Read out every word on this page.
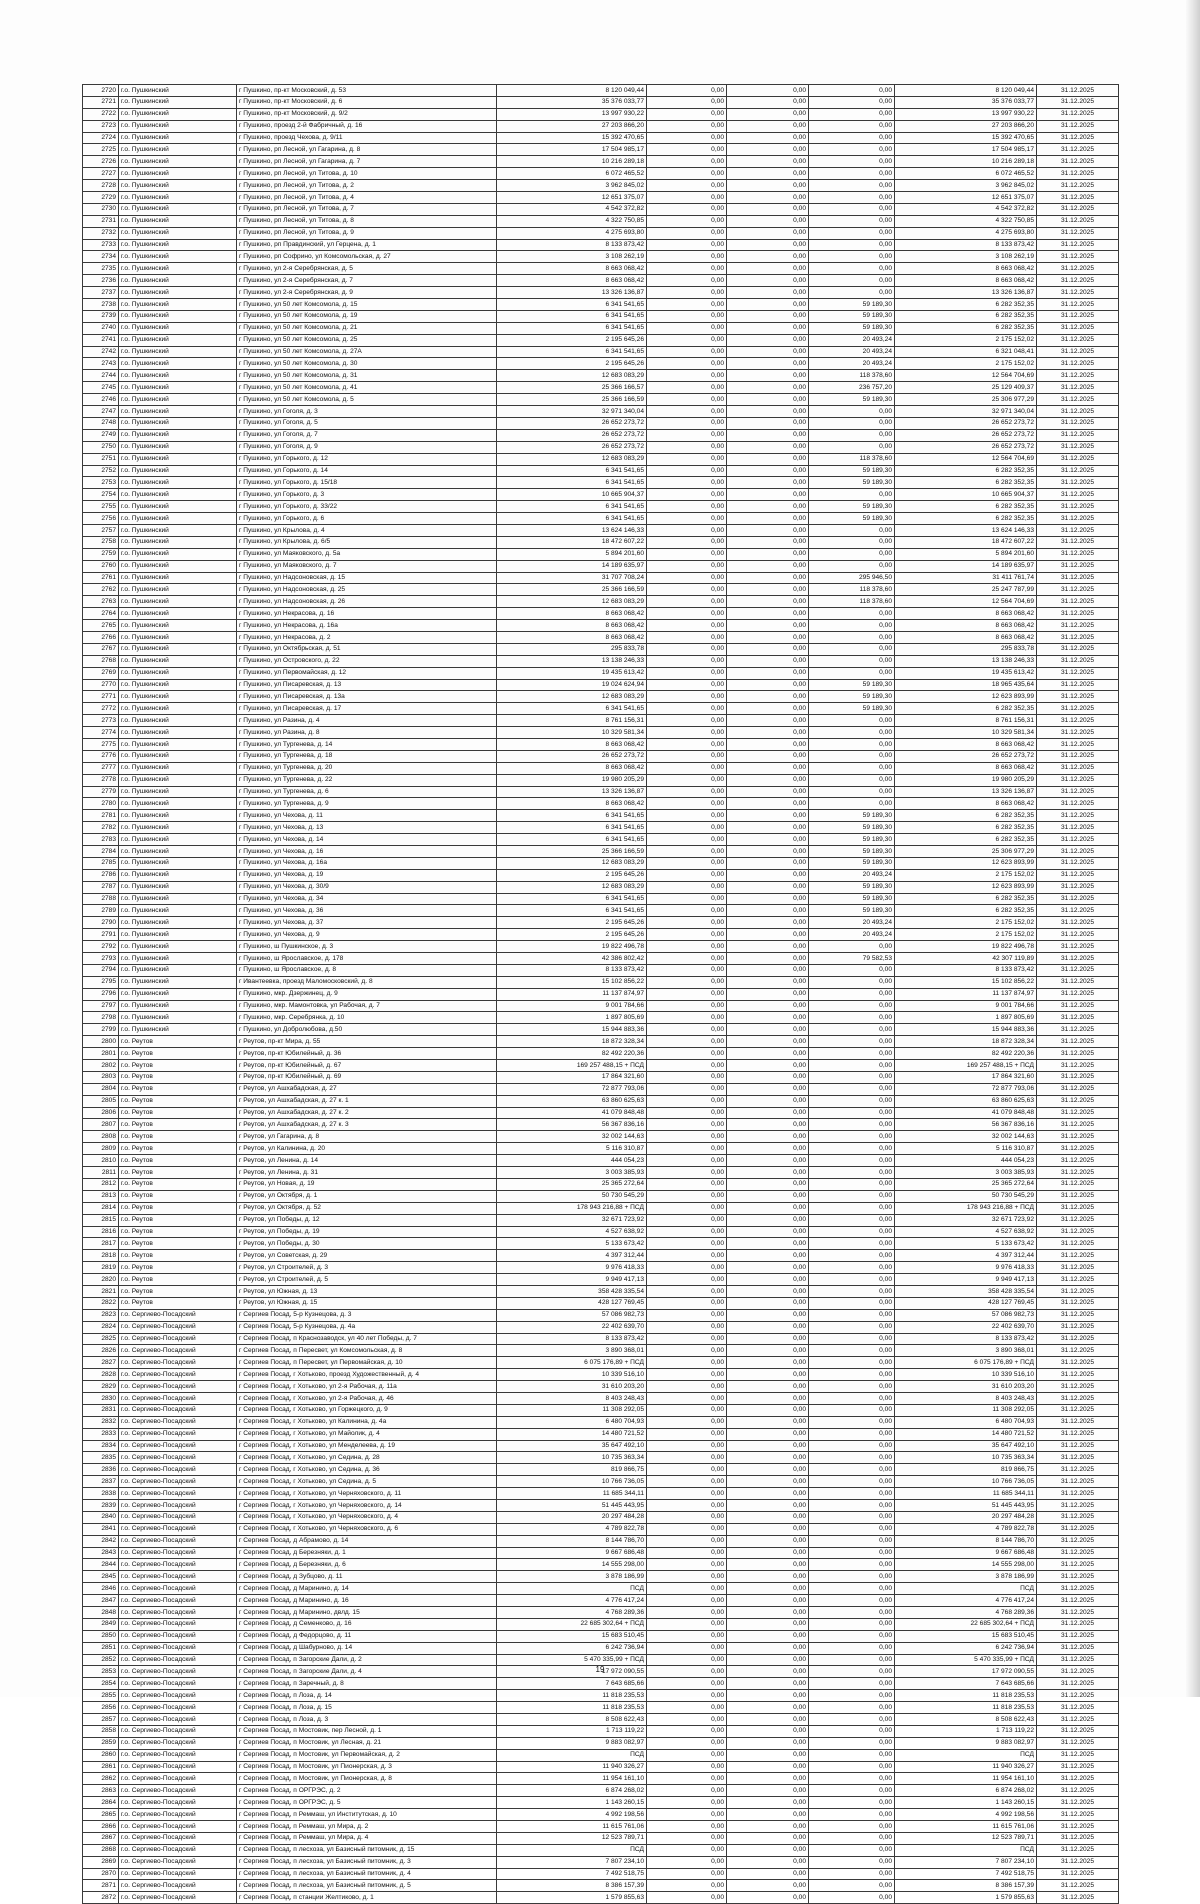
2720	г.о. Пушкинский	г Пушкино, пр-кт Московский, д. 53	8 120 049,44	0,00	0,00	0,00	8 120 049,44	31.12.2025
2721	г.о. Пушкинский	г Пушкино, пр-кт Московский, д. 6	35 376 033,77	0,00	0,00	0,00	35 376 033,77	31.12.2025
2722	г.о. Пушкинский	г Пушкино, пр-кт Московский, д. 9/2	13 997 930,22	0,00	0,00	0,00	13 997 930,22	31.12.2025
2723	г.о. Пушкинский	г Пушкино, проезд 2-й Фабричный, д. 16	27 203 866,20	0,00	0,00	0,00	27 203 866,20	31.12.2025
2724	г.о. Пушкинский	г Пушкино, проезд Чехова, д. 9/11	15 392 470,65	0,00	0,00	0,00	15 392 470,65	31.12.2025
2725	г.о. Пушкинский	г Пушкино, рп Лесной, ул Гагарина, д. 8	17 504 985,17	0,00	0,00	0,00	17 504 985,17	31.12.2025
2726	г.о. Пушкинский	г Пушкино, рп Лесной, ул Гагарина, д. 7	10 216 289,18	0,00	0,00	0,00	10 216 289,18	31.12.2025
2727	г.о. Пушкинский	г Пушкино, рп Лесной, ул Титова, д. 10	6 072 465,52	0,00	0,00	0,00	6 072 465,52	31.12.2025
2728	г.о. Пушкинский	г Пушкино, рп Лесной, ул Титова, д. 2	3 962 845,02	0,00	0,00	0,00	3 962 845,02	31.12.2025
2729	г.о. Пушкинский	г Пушкино, рп Лесной, ул Титова, д. 4	12 651 375,07	0,00	0,00	0,00	12 651 375,07	31.12.2025
2730	г.о. Пушкинский	г Пушкино, рп Лесной, ул Титова, д. 7	4 542 372,82	0,00	0,00	0,00	4 542 372,82	31.12.2025
2731	г.о. Пушкинский	г Пушкино, рп Лесной, ул Титова, д. 8	4 322 750,85	0,00	0,00	0,00	4 322 750,85	31.12.2025
2732	г.о. Пушкинский	г Пушкино, рп Лесной, ул Титова, д. 9	4 275 693,80	0,00	0,00	0,00	4 275 693,80	31.12.2025
2733	г.о. Пушкинский	г Пушкино, рп Правдинский, ул Герцена, д. 1	8 133 873,42	0,00	0,00	0,00	8 133 873,42	31.12.2025
2734	г.о. Пушкинский	г Пушкино, рп Софрино, ул Комсомольская, д. 27	3 108 262,19	0,00	0,00	0,00	3 108 262,19	31.12.2025
2735	г.о. Пушкинский	г Пушкино, ул 2-я Серебрянская, д. 5	8 663 068,42	0,00	0,00	0,00	8 663 068,42	31.12.2025
2736	г.о. Пушкинский	г Пушкино, ул 2-я Серебрянская, д. 7	8 663 068,42	0,00	0,00	0,00	8 663 068,42	31.12.2025
2737	г.о. Пушкинский	г Пушкино, ул 2-я Серебрянская, д. 9	13 326 136,87	0,00	0,00	0,00	13 326 136,87	31.12.2025
2738	г.о. Пушкинский	г Пушкино, ул 50 лет Комсомола, д. 15	6 341 541,65	0,00	0,00	59 189,30	6 282 352,35	31.12.2025
2739	г.о. Пушкинский	г Пушкино, ул 50 лет Комсомола, д. 19	6 341 541,65	0,00	0,00	59 189,30	6 282 352,35	31.12.2025
2740	г.о. Пушкинский	г Пушкино, ул 50 лет Комсомола, д. 21	6 341 541,65	0,00	0,00	59 189,30	6 282 352,35	31.12.2025
2741	г.о. Пушкинский	г Пушкино, ул 50 лет Комсомола, д. 25	2 195 645,26	0,00	0,00	20 493,24	2 175 152,02	31.12.2025
2742	г.о. Пушкинский	г Пушкино, ул 50 лет Комсомола, д. 27А	6 341 541,65	0,00	0,00	20 493,24	6 321 048,41	31.12.2025
2743	г.о. Пушкинский	г Пушкино, ул 50 лет Комсомола, д. 30	2 195 645,26	0,00	0,00	20 493,24	2 175 152,02	31.12.2025
2744	г.о. Пушкинский	г Пушкино, ул 50 лет Комсомола, д. 31	12 683 083,29	0,00	0,00	118 378,60	12 564 704,69	31.12.2025
2745	г.о. Пушкинский	г Пушкино, ул 50 лет Комсомола, д. 41	25 366 166,57	0,00	0,00	236 757,20	25 129 409,37	31.12.2025
2746	г.о. Пушкинский	г Пушкино, ул 50 лет Комсомола, д. 5	25 366 166,59	0,00	0,00	59 189,30	25 306 977,29	31.12.2025
2747	г.о. Пушкинский	г Пушкино, ул Гоголя, д. 3	32 971 340,04	0,00	0,00	0,00	32 971 340,04	31.12.2025
2748	г.о. Пушкинский	г Пушкино, ул Гоголя, д. 5	26 652 273,72	0,00	0,00	0,00	26 652 273,72	31.12.2025
2749	г.о. Пушкинский	г Пушкино, ул Гоголя, д. 7	26 652 273,72	0,00	0,00	0,00	26 652 273,72	31.12.2025
2750	г.о. Пушкинский	г Пушкино, ул Гоголя, д. 9	26 652 273,72	0,00	0,00	0,00	26 652 273,72	31.12.2025
2751	г.о. Пушкинский	г Пушкино, ул Горького, д. 12	12 683 083,29	0,00	0,00	118 378,60	12 564 704,69	31.12.2025
2752	г.о. Пушкинский	г Пушкино, ул Горького, д. 14	6 341 541,65	0,00	0,00	59 189,30	6 282 352,35	31.12.2025
2753	г.о. Пушкинский	г Пушкино, ул Горького, д. 15/18	6 341 541,65	0,00	0,00	59 189,30	6 282 352,35	31.12.2025
2754	г.о. Пушкинский	г Пушкино, ул Горького, д. 3	10 665 904,37	0,00	0,00	0,00	10 665 904,37	31.12.2025
2755	г.о. Пушкинский	г Пушкино, ул Горького, д. 33/22	6 341 541,65	0,00	0,00	59 189,30	6 282 352,35	31.12.2025
2756	г.о. Пушкинский	г Пушкино, ул Горького, д. 6	6 341 541,65	0,00	0,00	59 189,30	6 282 352,35	31.12.2025
2757	г.о. Пушкинский	г Пушкино, ул Крылова, д. 4	13 624 146,33	0,00	0,00	0,00	13 624 146,33	31.12.2025
2758	г.о. Пушкинский	г Пушкино, ул Крылова, д. 6/5	18 472 607,22	0,00	0,00	0,00	18 472 607,22	31.12.2025
2759	г.о. Пушкинский	г Пушкино, ул Маяковского, д. 5а	5 894 201,60	0,00	0,00	0,00	5 894 201,60	31.12.2025
2760	г.о. Пушкинский	г Пушкино, ул Маяковского, д. 7	14 189 635,97	0,00	0,00	0,00	14 189 635,97	31.12.2025
2761	г.о. Пушкинский	г Пушкино, ул Надсоновская, д. 15	31 707 708,24	0,00	0,00	295 946,50	31 411 761,74	31.12.2025
2762	г.о. Пушкинский	г Пушкино, ул Надсоновская, д. 25	25 366 166,59	0,00	0,00	118 378,60	25 247 787,99	31.12.2025
2763	г.о. Пушкинский	г Пушкино, ул Надсоновская, д. 26	12 683 083,29	0,00	0,00	118 378,60	12 564 704,69	31.12.2025
2764	г.о. Пушкинский	г Пушкино, ул Некрасова, д. 16	8 663 068,42	0,00	0,00	0,00	8 663 068,42	31.12.2025
2765	г.о. Пушкинский	г Пушкино, ул Некрасова, д. 16а	8 663 068,42	0,00	0,00	0,00	8 663 068,42	31.12.2025
2766	г.о. Пушкинский	г Пушкино, ул Некрасова, д. 2	8 663 068,42	0,00	0,00	0,00	8 663 068,42	31.12.2025
2767	г.о. Пушкинский	г Пушкино, ул Октябрьская, д. 51	295 833,78	0,00	0,00	0,00	295 833,78	31.12.2025
2768	г.о. Пушкинский	г Пушкино, ул Островского, д. 22	13 138 246,33	0,00	0,00	0,00	13 138 246,33	31.12.2025
2769	г.о. Пушкинский	г Пушкино, ул Первомайская, д. 12	19 435 613,42	0,00	0,00	0,00	19 435 613,42	31.12.2025
2770	г.о. Пушкинский	г Пушкино, ул Писаревская, д. 13	19 024 624,94	0,00	0,00	59 189,30	18 965 435,64	31.12.2025
2771	г.о. Пушкинский	г Пушкино, ул Писаревская, д. 13а	12 683 083,29	0,00	0,00	59 189,30	12 623 893,99	31.12.2025
2772	г.о. Пушкинский	г Пушкино, ул Писаревская, д. 17	6 341 541,65	0,00	0,00	59 189,30	6 282 352,35	31.12.2025
2773	г.о. Пушкинский	г Пушкино, ул Разина, д. 4	8 761 156,31	0,00	0,00	0,00	8 761 156,31	31.12.2025
2774	г.о. Пушкинский	г Пушкино, ул Разина, д. 8	10 329 581,34	0,00	0,00	0,00	10 329 581,34	31.12.2025
2775	г.о. Пушкинский	г Пушкино, ул Тургенева, д. 14	8 663 068,42	0,00	0,00	0,00	8 663 068,42	31.12.2025
2776	г.о. Пушкинский	г Пушкино, ул Тургенева, д. 18	26 652 273,72	0,00	0,00	0,00	26 652 273,72	31.12.2025
2777	г.о. Пушкинский	г Пушкино, ул Тургенева, д. 20	8 663 068,42	0,00	0,00	0,00	8 663 068,42	31.12.2025
2778	г.о. Пушкинский	г Пушкино, ул Тургенева, д. 22	19 980 205,29	0,00	0,00	0,00	19 980 205,29	31.12.2025
2779	г.о. Пушкинский	г Пушкино, ул Тургенева, д. 6	13 326 136,87	0,00	0,00	0,00	13 326 136,87	31.12.2025
2780	г.о. Пушкинский	г Пушкино, ул Тургенева, д. 9	8 663 068,42	0,00	0,00	0,00	8 663 068,42	31.12.2025
2781	г.о. Пушкинский	г Пушкино, ул Чехова, д. 11	6 341 541,65	0,00	0,00	59 189,30	6 282 352,35	31.12.2025
2782	г.о. Пушкинский	г Пушкино, ул Чехова, д. 13	6 341 541,65	0,00	0,00	59 189,30	6 282 352,35	31.12.2025
2783	г.о. Пушкинский	г Пушкино, ул Чехова, д. 14	6 341 541,65	0,00	0,00	59 189,30	6 282 352,35	31.12.2025
2784	г.о. Пушкинский	г Пушкино, ул Чехова, д. 16	25 366 166,59	0,00	0,00	59 189,30	25 306 977,29	31.12.2025
2785	г.о. Пушкинский	г Пушкино, ул Чехова, д. 16а	12 683 083,29	0,00	0,00	59 189,30	12 623 893,99	31.12.2025
2786	г.о. Пушкинский	г Пушкино, ул Чехова, д. 19	2 195 645,26	0,00	0,00	20 493,24	2 175 152,02	31.12.2025
2787	г.о. Пушкинский	г Пушкино, ул Чехова, д. 30/9	12 683 083,29	0,00	0,00	59 189,30	12 623 893,99	31.12.2025
2788	г.о. Пушкинский	г Пушкино, ул Чехова, д. 34	6 341 541,65	0,00	0,00	59 189,30	6 282 352,35	31.12.2025
2789	г.о. Пушкинский	г Пушкино, ул Чехова, д. 36	6 341 541,65	0,00	0,00	59 189,30	6 282 352,35	31.12.2025
2790	г.о. Пушкинский	г Пушкино, ул Чехова, д. 37	2 195 645,26	0,00	0,00	20 493,24	2 175 152,02	31.12.2025
2791	г.о. Пушкинский	г Пушкино, ул Чехова, д. 9	2 195 645,26	0,00	0,00	20 493,24	2 175 152,02	31.12.2025
2792	г.о. Пушкинский	г Пушкино, ш Пушкинское, д. 3	19 822 496,78	0,00	0,00	0,00	19 822 496,78	31.12.2025
2793	г.о. Пушкинский	г Пушкино, ш Ярославское, д. 178	42 386 802,42	0,00	0,00	79 582,53	42 307 119,89	31.12.2025
2794	г.о. Пушкинский	г Пушкино, ш Ярославское, д. 8	8 133 873,42	0,00	0,00	0,00	8 133 873,42	31.12.2025
2795	г.о. Пушкинский	г Ивантеевка, проезд Маломосковский, д. 8	15 102 856,22	0,00	0,00	0,00	15 102 856,22	31.12.2025
2796	г.о. Пушкинский	г Пушкино, мкр. Дзержинец, д. 9	11 137 874,97	0,00	0,00	0,00	11 137 874,97	31.12.2025
2797	г.о. Пушкинский	г Пушкино, мкр. Мамонтовка, ул Рабочая, д. 7	9 001 784,66	0,00	0,00	0,00	9 001 784,66	31.12.2025
2798	г.о. Пушкинский	г Пушкино, мкр. Серебрянка, д. 10	1 897 805,69	0,00	0,00	0,00	1 897 805,69	31.12.2025
2799	г.о. Пушкинский	г Пушкино, ул Добролюбова, д.50	15 944 883,36	0,00	0,00	0,00	15 944 883,36	31.12.2025
2800	г.о. Реутов	г Реутов, пр-кт Мира, д. 55	18 872 328,34	0,00	0,00	0,00	18 872 328,34	31.12.2025
2801	г.о. Реутов	г Реутов, пр-кт Юбилейный, д. 36	82 492 220,36	0,00	0,00	0,00	82 492 220,36	31.12.2025
2802	г.о. Реутов	г Реутов, пр-кт Юбилейный, д. 67	169 257 488,15 + ПСД	0,00	0,00	0,00	169 257 488,15 + ПСД	31.12.2025
2803	г.о. Реутов	г Реутов, пр-кт Юбилейный, д. 69	17 864 321,60	0,00	0,00	0,00	17 864 321,60	31.12.2025
2804	г.о. Реутов	г Реутов, ул Ашхабадская, д. 27	72 877 793,06	0,00	0,00	0,00	72 877 793,06	31.12.2025
2805	г.о. Реутов	г Реутов, ул Ашхабадская, д. 27 к. 1	63 860 625,63	0,00	0,00	0,00	63 860 625,63	31.12.2025
2806	г.о. Реутов	г Реутов, ул Ашхабадская, д. 27 к. 2	41 079 848,48	0,00	0,00	0,00	41 079 848,48	31.12.2025
2807	г.о. Реутов	г Реутов, ул Ашхабадская, д. 27 к. 3	56 367 836,16	0,00	0,00	0,00	56 367 836,16	31.12.2025
2808	г.о. Реутов	г Реутов, ул Гагарина, д. 8	32 002 144,63	0,00	0,00	0,00	32 002 144,63	31.12.2025
2809	г.о. Реутов	г Реутов, ул Калинина, д. 20	5 116 310,87	0,00	0,00	0,00	5 116 310,87	31.12.2025
2810	г.о. Реутов	г Реутов, ул Ленина, д. 14	444 054,23	0,00	0,00	0,00	444 054,23	31.12.2025
2811	г.о. Реутов	г Реутов, ул Ленина, д. 31	3 003 385,93	0,00	0,00	0,00	3 003 385,93	31.12.2025
2812	г.о. Реутов	г Реутов, ул Новая, д. 19	25 365 272,64	0,00	0,00	0,00	25 365 272,64	31.12.2025
2813	г.о. Реутов	г Реутов, ул Октября, д. 1	50 730 545,29	0,00	0,00	0,00	50 730 545,29	31.12.2025
2814	г.о. Реутов	г Реутов, ул Октября, д. 52	178 943 216,88 + ПСД	0,00	0,00	0,00	178 943 216,88 + ПСД	31.12.2025
2815	г.о. Реутов	г Реутов, ул Победы, д. 12	32 671 723,92	0,00	0,00	0,00	32 671 723,92	31.12.2025
2816	г.о. Реутов	г Реутов, ул Победы, д. 19	4 527 638,92	0,00	0,00	0,00	4 527 638,92	31.12.2025
2817	г.о. Реутов	г Реутов, ул Победы, д. 30	5 133 673,42	0,00	0,00	0,00	5 133 673,42	31.12.2025
2818	г.о. Реутов	г Реутов, ул Советская, д. 29	4 397 312,44	0,00	0,00	0,00	4 397 312,44	31.12.2025
2819	г.о. Реутов	г Реутов, ул Строителей, д. 3	9 976 418,33	0,00	0,00	0,00	9 976 418,33	31.12.2025
2820	г.о. Реутов	г Реутов, ул Строителей, д. 5	9 949 417,13	0,00	0,00	0,00	9 949 417,13	31.12.2025
2821	г.о. Реутов	г Реутов, ул Южная, д. 13	358 428 335,54	0,00	0,00	0,00	358 428 335,54	31.12.2025
2822	г.о. Реутов	г Реутов, ул Южная, д. 15	428 127 769,45	0,00	0,00	0,00	428 127 769,45	31.12.2025
2823	г.о. Сергиево-Посадский	г Сергиев Посад, 5-р Кузнецова, д. 3	57 086 982,73	0,00	0,00	0,00	57 086 982,73	31.12.2025
2824	г.о. Сергиево-Посадский	г Сергиев Посад, 5-р Кузнецова, д. 4а	22 402 639,70	0,00	0,00	0,00	22 402 639,70	31.12.2025
2825	г.о. Сергиево-Посадский	г Сергиев Посад, п Краснозаводск, ул 40 лет Победы, д. 7	8 133 873,42	0,00	0,00	0,00	8 133 873,42	31.12.2025
2826	г.о. Сергиево-Посадский	г Сергиев Посад, п Пересвет, ул Комсомольская, д. 8	3 890 368,01	0,00	0,00	0,00	3 890 368,01	31.12.2025
2827	г.о. Сергиево-Посадский	г Сергиев Посад, п Пересвет, ул Первомайская, д. 10	6 075 176,89 + ПСД	0,00	0,00	0,00	6 075 176,89 + ПСД	31.12.2025
2828	г.о. Сергиево-Посадский	г Сергиев Посад, г Хотьково, проезд Художественный, д. 4	10 339 516,10	0,00	0,00	0,00	10 339 516,10	31.12.2025
2829	г.о. Сергиево-Посадский	г Сергиев Посад, г Хотьково, ул 2-я Рабочая, д. 11а	31 610 203,20	0,00	0,00	0,00	31 610 203,20	31.12.2025
2830	г.о. Сергиево-Посадский	г Сергиев Посад, г Хотьково, ул 2-я Рабочая, д. 46	8 403 248,43	0,00	0,00	0,00	8 403 248,43	31.12.2025
2831	г.о. Сергиево-Посадский	г Сергиев Посад, г Хотьково, ул Горжецкого, д. 9	11 308 292,05	0,00	0,00	0,00	11 308 292,05	31.12.2025
2832	г.о. Сергиево-Посадский	г Сергиев Посад, г Хотьково, ул Калинина, д. 4а	6 480 704,93	0,00	0,00	0,00	6 480 704,93	31.12.2025
2833	г.о. Сергиево-Посадский	г Сергиев Посад, г Хотьково, ул Майолик, д. 4	14 480 721,52	0,00	0,00	0,00	14 480 721,52	31.12.2025
2834	г.о. Сергиево-Посадский	г Сергиев Посад, г Хотьково, ул Менделеева, д. 19	35 647 492,10	0,00	0,00	0,00	35 647 492,10	31.12.2025
2835	г.о. Сергиево-Посадский	г Сергиев Посад, г Хотьково, ул Седина, д. 28	10 735 363,34	0,00	0,00	0,00	10 735 363,34	31.12.2025
2836	г.о. Сергиево-Посадский	г Сергиев Посад, г Хотьково, ул Седина, д. 36	819 866,75	0,00	0,00	0,00	819 866,75	31.12.2025
2837	г.о. Сергиево-Посадский	г Сергиев Посад, г Хотьково, ул Седина, д. 5	10 766 736,05	0,00	0,00	0,00	10 766 736,05	31.12.2025
2838	г.о. Сергиево-Посадский	г Сергиев Посад, г Хотьково, ул Черняховского, д. 11	11 685 344,11	0,00	0,00	0,00	11 685 344,11	31.12.2025
2839	г.о. Сергиево-Посадский	г Сергиев Посад, г Хотьково, ул Черняховского, д. 14	51 445 443,95	0,00	0,00	0,00	51 445 443,95	31.12.2025
2840	г.о. Сергиево-Посадский	г Сергиев Посад, г Хотьково, ул Черняховского, д. 4	20 297 484,28	0,00	0,00	0,00	20 297 484,28	31.12.2025
2841	г.о. Сергиево-Посадский	г Сергиев Посад, г Хотьково, ул Черняховского, д. 6	4 789 822,78	0,00	0,00	0,00	4 789 822,78	31.12.2025
2842	г.о. Сергиево-Посадский	г Сергиев Посад, д Абрамово, д. 14	8 144 786,70	0,00	0,00	0,00	8 144 786,70	31.12.2025
2843	г.о. Сергиево-Посадский	г Сергиев Посад, д Березняки, д. 1	9 667 686,48	0,00	0,00	0,00	9 667 686,48	31.12.2025
2844	г.о. Сергиево-Посадский	г Сергиев Посад, д Березняки, д. 6	14 555 298,00	0,00	0,00	0,00	14 555 298,00	31.12.2025
2845	г.о. Сергиево-Посадский	г Сергиев Посад, д Зубцово, д. 11	3 878 186,99	0,00	0,00	0,00	3 878 186,99	31.12.2025
2846	г.о. Сергиево-Посадский	г Сергиев Посад, д Маринино, д. 14	ПСД	0,00	0,00	0,00	ПСД	31.12.2025
2847	г.о. Сергиево-Посадский	г Сергиев Посад, д Маринино, д. 16	4 776 417,24	0,00	0,00	0,00	4 776 417,24	31.12.2025
2848	г.о. Сергиево-Посадский	г Сергиев Посад, д Маринино, двлд. 15	4 768 289,36	0,00	0,00	0,00	4 768 289,36	31.12.2025
2849	г.о. Сергиево-Посадский	г Сергиев Посад, д Семенково, д. 16	22 685 302,64 + ПСД	0,00	0,00	0,00	22 685 302,64 + ПСД	31.12.2025
2850	г.о. Сергиево-Посадский	г Сергиев Посад, д Федорцово, д. 11	15 683 510,45	0,00	0,00	0,00	15 683 510,45	31.12.2025
2851	г.о. Сергиево-Посадский	г Сергиев Посад, д Шабурново, д. 14	6 242 736,94	0,00	0,00	0,00	6 242 736,94	31.12.2025
2852	г.о. Сергиево-Посадский	г Сергиев Посад, п Загорские Дали, д. 2	5 470 335,99 + ПСД	0,00	0,00	0,00	5 470 335,99 + ПСД	31.12.2025
2853	г.о. Сергиево-Посадский	г Сергиев Посад, п Загорские Дали, д. 4	17 972 090,55	0,00	0,00	0,00	17 972 090,55	31.12.2025
2854	г.о. Сергиево-Посадский	г Сергиев Посад, п Заречный, д. 8	7 643 685,66	0,00	0,00	0,00	7 643 685,66	31.12.2025
2855	г.о. Сергиево-Посадский	г Сергиев Посад, п Лоза, д. 14	11 818 235,53	0,00	0,00	0,00	11 818 235,53	31.12.2025
2856	г.о. Сергиево-Посадский	г Сергиев Посад, п Лоза, д. 15	11 818 235,53	0,00	0,00	0,00	11 818 235,53	31.12.2025
2857	г.о. Сергиево-Посадский	г Сергиев Посад, п Лоза, д. 3	8 508 622,43	0,00	0,00	0,00	8 508 622,43	31.12.2025
2858	г.о. Сергиево-Посадский	г Сергиев Посад, п Мостовик, пер Лесной, д. 1	1 713 119,22	0,00	0,00	0,00	1 713 119,22	31.12.2025
2859	г.о. Сергиево-Посадский	г Сергиев Посад, п Мостовик, ул Лесная, д. 21	9 883 082,97	0,00	0,00	0,00	9 883 082,97	31.12.2025
2860	г.о. Сергиево-Посадский	г Сергиев Посад, п Мостовик, ул Первомайская, д. 2	ПСД	0,00	0,00	0,00	ПСД	31.12.2025
2861	г.о. Сергиево-Посадский	г Сергиев Посад, п Мостовик, ул Пионерская, д. 3	11 940 326,27	0,00	0,00	0,00	11 940 326,27	31.12.2025
2862	г.о. Сергиево-Посадский	г Сергиев Посад, п Мостовик, ул Пионерская, д. 8	11 954 161,10	0,00	0,00	0,00	11 954 161,10	31.12.2025
2863	г.о. Сергиево-Посадский	г Сергиев Посад, п ОРГРЭС, д. 2	6 874 268,02	0,00	0,00	0,00	6 874 268,02	31.12.2025
2864	г.о. Сергиево-Посадский	г Сергиев Посад, п ОРГРЭС, д. 5	1 143 260,15	0,00	0,00	0,00	1 143 260,15	31.12.2025
2865	г.о. Сергиево-Посадский	г Сергиев Посад, п Реммаш, ул Институтская, д. 10	4 992 198,56	0,00	0,00	0,00	4 992 198,56	31.12.2025
2866	г.о. Сергиево-Посадский	г Сергиев Посад, п Реммаш, ул Мира, д. 2	11 615 761,06	0,00	0,00	0,00	11 615 761,06	31.12.2025
2867	г.о. Сергиево-Посадский	г Сергиев Посад, п Реммаш, ул Мира, д. 4	12 523 789,71	0,00	0,00	0,00	12 523 789,71	31.12.2025
2868	г.о. Сергиево-Посадский	г Сергиев Посад, п лесхоза, ул Базисный питомник, д. 15	ПСД	0,00	0,00	0,00	ПСД	31.12.2025
2869	г.о. Сергиево-Посадский	г Сергиев Посад, п лесхоза, ул Базисный питомник, д. 3	7 807 234,10	0,00	0,00	0,00	7 807 234,10	31.12.2025
2870	г.о. Сергиево-Посадский	г Сергиев Посад, п лесхоза, ул Базисный питомник, д. 4	7 492 518,75	0,00	0,00	0,00	7 492 518,75	31.12.2025
2871	г.о. Сергиево-Посадский	г Сергиев Посад, п лесхоза, ул Базисный питомник, д. 5	8 386 157,39	0,00	0,00	0,00	8 386 157,39	31.12.2025
2872	г.о. Сергиево-Посадский	г Сергиев Посад, п станции Желтиково, д. 1	1 579 855,63	0,00	0,00	0,00	1 579 855,63	31.12.2025
19
